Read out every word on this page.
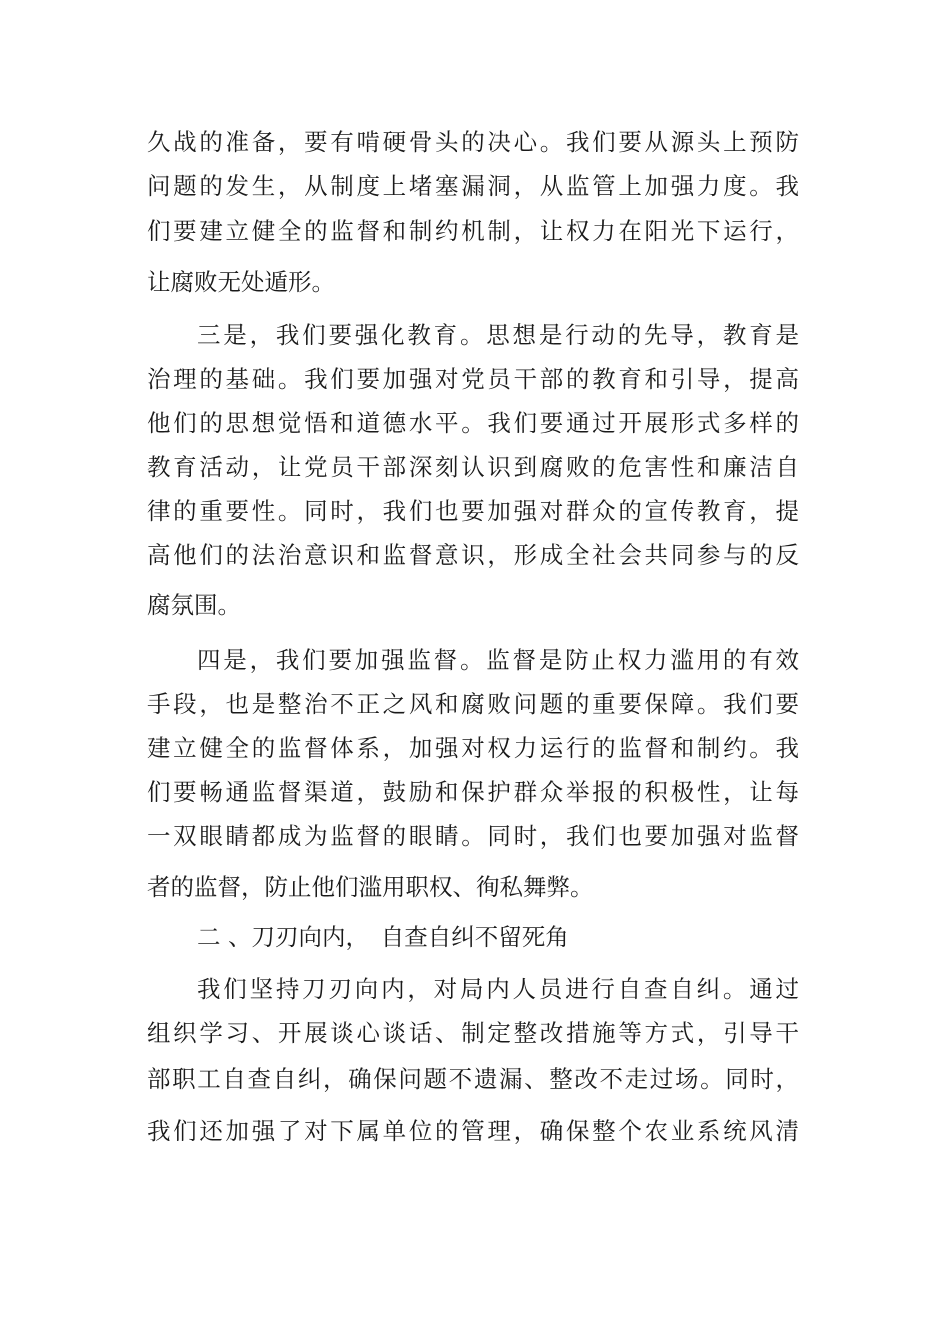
久战的准备，要有啃硬骨头的决心。我们要从源头上预防
问题的发生，从制度上堵塞漏洞，从监管上加强力度。我
们要建立健全的监督和制约机制，让权力在阳光下运行，
让腐败无处遁形。
三是，我们要强化教育。思想是行动的先导，教育是
治理的基础。我们要加强对党员干部的教育和引导，提高
他们的思想觉悟和道德水平。我们要通过开展形式多样的
教育活动，让党员干部深刻认识到腐败的危害性和廉洁自
律的重要性。同时，我们也要加强对群众的宣传教育，提
高他们的法治意识和监督意识，形成全社会共同参与的反
腐氛围。
四是，我们要加强监督。监督是防止权力滥用的有效
手段，也是整治不正之风和腐败问题的重要保障。我们要
建立健全的监督体系，加强对权力运行的监督和制约。我
们要畅通监督渠道，鼓励和保护群众举报的积极性，让每
一双眼睛都成为监督的眼睛。同时，我们也要加强对监督
者的监督，防止他们滥用职权、徇私舞弊。
二 、刀刃向内，　自查自纠不留死角
我们坚持刀刃向内，对局内人员进行自查自纠。通过
组织学习、开展谈心谈话、制定整改措施等方式，引导干
部职工自查自纠，确保问题不遗漏、整改不走过场。同时，
我们还加强了对下属单位的管理，确保整个农业系统风清
